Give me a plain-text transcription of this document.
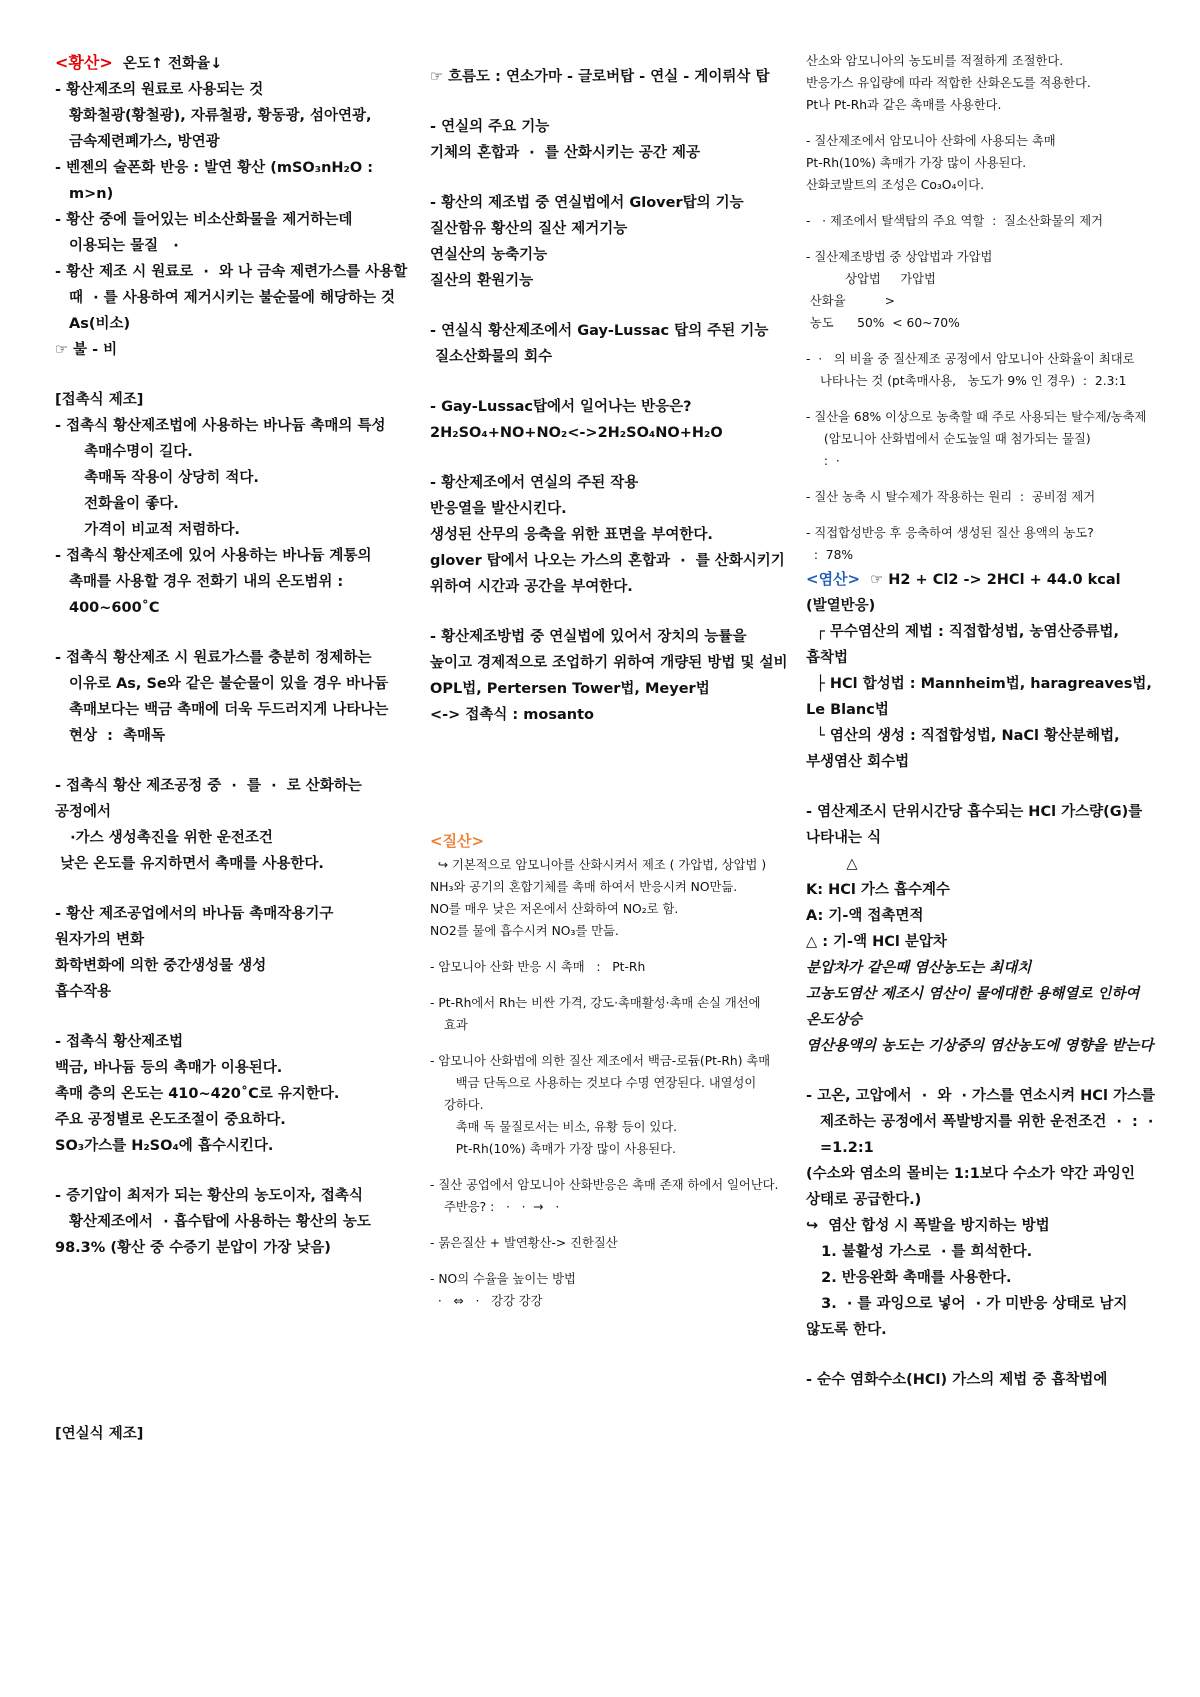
<황산>  온도↑ 전화율↓

- 황산제조의 원료로 사용되는 것
황화철광(황철광), 자류철광, 황동광, 섬아연광, 금속제련폐가스, 방연광

- 벤젠의 술폰화 반응 : 발연 황산 (mSO₃nH₂O : m>n)

- 황산 중에 들어있는 비소산화물을 제거하는데 이용되는 물질   ·

- 황산 제조 시 원료로  ·  와 나 금속 제련가스를 사용할 때  · 를 사용하여 제거시키는 불순물에 해당하는 것   As(비소)

☞ 불 - 비

[접촉식 제조]

- 접촉식 황산제조법에 사용하는 바나듐 촉매의 특성
촉매수명이 길다.
촉매독 작용이 상당히 적다.
전화율이 좋다.
가격이 비교적 저렴하다.

- 접촉식 황산제조에 있어 사용하는 바나듐 계통의 촉매를 사용할 경우 전화기 내의 온도범위 : 400~600˚C

- 접촉식 황산제조 시 원료가스를 충분히 정제하는 이유로 As, Se와 같은 불순물이 있을 경우 바나듐 촉매보다는 백금 촉매에 더욱 두드러지게 나타나는 현상  :  촉매독

- 접촉식 황산 제조공정 중  ·  를  ·  로 산화하는 공정에서
·가스 생성촉진을 위한 운전조건
낮은 온도를 유지하면서 촉매를 사용한다.

- 황산 제조공업에서의 바나듐 촉매작용기구
원자가의 변화
화학변화에 의한 중간생성물 생성
흡수작용

- 접촉식 황산제조법
백금, 바나듐 등의 촉매가 이용된다.
촉매 층의 온도는 410~420˚C로 유지한다.
주요 공정별로 온도조절이 중요하다.
SO₃가스를 H₂SO₄에 흡수시킨다.

- 증기압이 최저가 되는 황산의 농도이자, 접촉식 황산제조에서  · 흡수탑에 사용하는 황산의 농도

98.3% (황산 중 수증기 분압이 가장 낮음)

[연실식 제조]

☞ 흐름도 : 연소가마 - 글로버탑 - 연실 - 게이뤼삭 탑

- 연실의 주요 기능
기체의 혼합과  ·  를 산화시키는 공간 제공

- 황산의 제조법 중 연실법에서 Glover탑의 기능
질산함유 황산의 질산 제거기능
연실산의 농축기능
질산의 환원기능

- 연실식 황산제조에서 Gay-Lussac 탑의 주된 기능
질소산화물의 회수

- Gay-Lussac탑에서 일어나는 반응은?
2H₂SO₄+NO+NO₂<->2H₂SO₄NO+H₂O

- 황산제조에서 연실의 주된 작용
반응열을 발산시킨다.
생성된 산무의 응축을 위한 표면을 부여한다.
glover 탑에서 나오는 가스의 혼합과  ·  를 산화시키기 위하여 시간과 공간을 부여한다.

- 황산제조방법 중 연실법에 있어서 장치의 능률을 높이고 경제적으로 조업하기 위하여 개량된 방법 및 설비
OPL법, Pertersen Tower법, Meyer법
<-> 접촉식 : mosanto

<질산>

↪ 기본적으로 암모니아를 산화시켜서 제조 ( 가압법, 상압법 )
NH₃와 공기의 혼합기체를 촉매 하여서 반응시켜 NO만듦.
NO를 매우 낮은 저온에서 산화하여 NO₂로 함.
NO2를 물에 흡수시켜 NO₃를 만듦.

- 암모니아 산화 반응 시 촉매   :   Pt-Rh

- Pt-Rh에서 Rh는 비싼 가격, 강도·촉매활성·촉매 손실 개선에 효과

- 암모니아 산화법에 의한 질산 제조에서 백금-로듐(Pt-Rh) 촉매
백금 단독으로 사용하는 것보다 수명 연장된다. 내열성이 강하다.
촉매 독 물질로서는 비소, 유황 등이 있다.
Pt-Rh(10%) 촉매가 가장 많이 사용된다.

- 질산 공업에서 암모니아 산화반응은 촉매 존재 하에서 일어난다. 주반응? :   ·   ·  →   ·

- 묽은질산 + 발연황산-> 진한질산

- NO의 수율을 높이는 방법
·   ⇔   ·   강강 강강

산소와 암모니아의 농도비를 적절하게 조절한다.
반응가스 유입량에 따라 적합한 산화온도를 적용한다.
Pt나 Pt-Rh과 같은 촉매를 사용한다.

- 질산제조에서 암모니아 산화에 사용되는 촉매
Pt-Rh(10%) 촉매가 가장 많이 사용된다.
산화코발트의 조성은 Co₃O₄이다.

-   · 제조에서 탈색탑의 주요 역할  :  질소산화물의 제거

- 질산제조방법 중 상압법과 가압법
상압법     가압법
산화율          >
농도      50%  < 60~70%

-  ·   의 비율 중 질산제조 공정에서 암모니아 산화율이 최대로 나타나는 것 (pt촉매사용,   농도가 9% 인 경우)  :  2.3:1

- 질산을 68% 이상으로 농축할 때 주로 사용되는 탈수제/농축제
(암모니아 산화법에서 순도높일 때 첨가되는 물질)
:  ·

- 질산 농축 시 탈수제가 작용하는 원리  :  공비점 제거

- 직접합성반응 후 응축하여 생성된 질산 용액의 농도?
:  78%

<염산>  ☞ H2 + Cl2 -> 2HCl + 44.0 kcal (발열반응)

┌ 무수염산의 제법 : 직접합성법, 농염산증류법, 흡착법
├ HCl 합성법 : Mannheim법, haragreaves법, Le Blanc법
└ 염산의 생성 : 직접합성법, NaCl 황산분해법, 부생염산 회수법

- 염산제조시 단위시간당 흡수되는 HCl 가스량(G)를 나타내는 식
△
K: HCl 가스 흡수계수
A: 기-액 접촉면적
△ : 기-액 HCl 분압차

분압차가 같은때 염산농도는 최대치
고농도염산 제조시 염산이 물에대한 용해열로 인하여 온도상승
염산용액의 농도는 기상중의 염산농도에 영향을 받는다

- 고온, 고압에서  ·  와  · 가스를 연소시켜 HCl 가스를 제조하는 공정에서 폭발방지를 위한 운전조건  ·  :  ·  =1.2:1

(수소와 염소의 몰비는 1:1보다 수소가 약간 과잉인 상태로 공급한다.)
↪  염산 합성 시 폭발을 방지하는 방법
1. 불활성 가스로  · 를 희석한다.
2. 반응완화 촉매를 사용한다.
3.  · 를 과잉으로 넣어  · 가 미반응 상태로 남지 않도록 한다.

- 순수 염화수소(HCl) 가스의 제법 중 흡착법에
